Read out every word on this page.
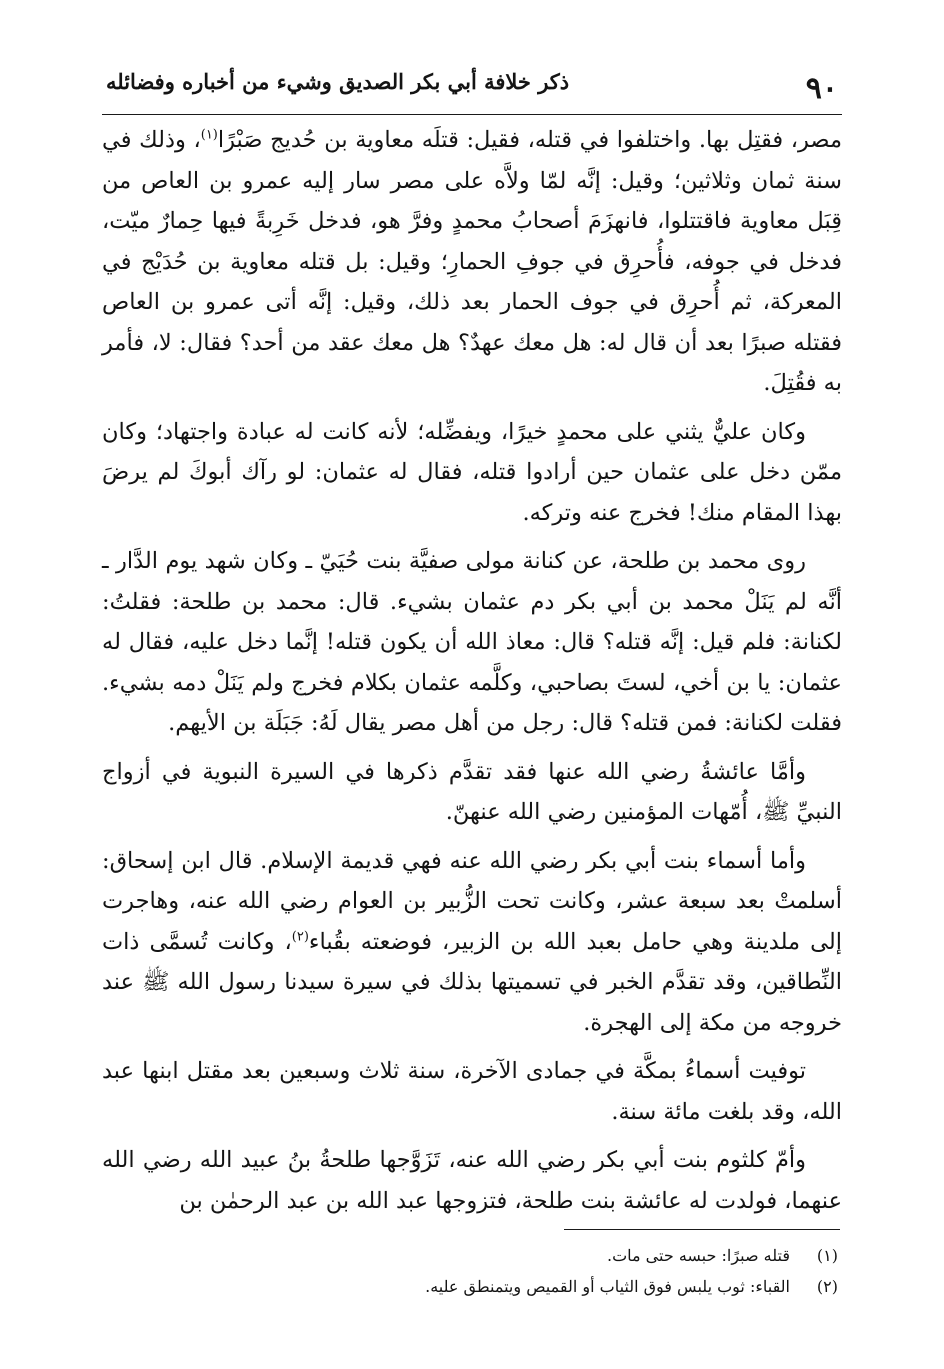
٩٠
ذكر خلافة أبي بكر الصديق وشيء من أخباره وفضائله

مصر، فقتِل بها. واختلفوا في قتله، فقيل: قتلَه معاوية بن حُديج صَبْرًا$^{(١)}$، وذلك في سنة ثمان وثلاثين؛ وقيل: إنَّه لمّا ولاَّه على مصر سار إليه عمرو بن العاص من قِبَل معاوية فاقتتلوا، فانهزَمَ أصحابُ محمدٍ وفرَّ هو، فدخل خَرِبةً فيها حِمارٌ ميّت، فدخل في جوفه، فأُحرِق في جوفِ الحمارِ؛ وقيل: بل قتله معاوية بن حُدَيْج في المعركة، ثم أُحرِق في جوف الحمار بعد ذلك، وقيل: إنَّه أتى عمرو بن العاص فقتله صبرًا بعد أن قال له: هل معك عهدٌ؟ هل معك عقد من أحد؟ فقال: لا، فأمر به فقُتِلَ.

وكان عليٌّ يثني على محمدٍ خيرًا، ويفضِّله؛ لأنه كانت له عبادة واجتهاد؛ وكان ممّن دخل على عثمان حين أرادوا قتله، فقال له عثمان: لو رآك أبوكَ لم يرضَ بهذا المقام منك! فخرج عنه وتركه.

روى محمد بن طلحة، عن كنانة مولى صفيَّة بنت حُيَيّ ـ وكان شهد يوم الدَّار ـ أنَّه لم يَنَلْ محمد بن أبي بكر دم عثمان بشيء. قال: محمد بن طلحة: فقلتُ: لكنانة: فلم قيل: إنَّه قتله؟ قال: معاذ الله أن يكون قتله! إنَّما دخل عليه، فقال له عثمان: يا بن أخي، لستَ بصاحبي، وكلَّمه عثمان بكلام فخرج ولم يَنَلْ دمه بشيء. فقلت لكنانة: فمن قتله؟ قال: رجل من أهل مصر يقال لَهُ: جَبَلَة بن الأيهم.

وأمَّا عائشةُ رضي الله عنها فقد تقدَّم ذكرها في السيرة النبوية في أزواج النبيِّ ﷺ، أُمّهات المؤمنين رضي الله عنهنّ.

وأما أسماء بنت أبي بكر رضي الله عنه فهي قديمة الإسلام. قال ابن إسحاق: أسلمتْ بعد سبعة عشر، وكانت تحت الزُّبير بن العوام رضي الله عنه، وهاجرت إلى ملدينة وهي حامل بعبد الله بن الزبير، فوضعته بقُباء$^{(٢)}$، وكانت تُسمَّى ذات النِّطاقين، وقد تقدَّم الخبر في تسميتها بذلك في سيرة سيدنا رسول الله ﷺ عند خروجه من مكة إلى الهجرة.

توفيت أسماءُ بمكَّة في جمادى الآخرة، سنة ثلاث وسبعين بعد مقتل ابنها عبد الله، وقد بلغت مائة سنة.

وأمّ كلثوم بنت أبي بكر رضي الله عنه، تَزَوَّجها طلحةُ بنُ عبيد الله رضي الله عنهما، فولدت له عائشة بنت طلحة، فتزوجها عبد الله بن عبد الرحمٰن بن

(١)قتله صبرًا: حبسه حتى مات.

(٢)القباء: ثوب يلبس فوق الثياب أو القميص ويتمنطق عليه.
